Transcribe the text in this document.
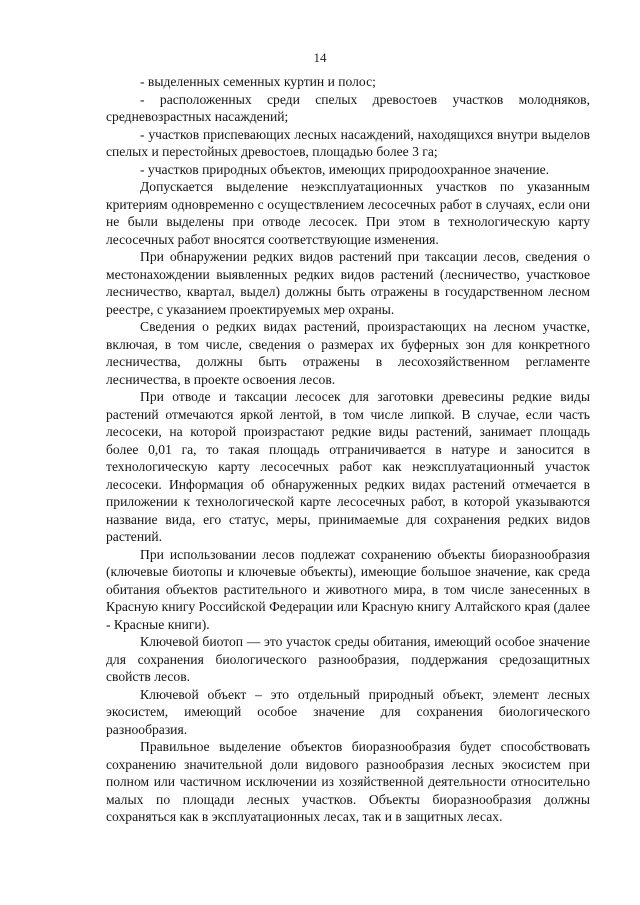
14

- выделенных семенных куртин и полос;

- расположенных среди спелых древостоев участков молодняков, средневозрастных насаждений;

- участков приспевающих лесных насаждений, находящихся внутри выделов спелых и перестойных древостоев, площадью более 3 га;

- участков природных объектов, имеющих природоохранное значение.

Допускается выделение неэксплуатационных участков по указанным критериям одновременно с осуществлением лесосечных работ в случаях, если они не были выделены при отводе лесосек. При этом в технологическую карту лесосечных работ вносятся соответствующие изменения.

При обнаружении редких видов растений при таксации лесов, сведения о местонахождении выявленных редких видов растений (лесничество, участковое лесничество, квартал, выдел) должны быть отражены в государственном лесном реестре, с указанием проектируемых мер охраны.

Сведения о редких видах растений, произрастающих на лесном участке, включая, в том числе, сведения о размерах их буферных зон для конкретного лесничества, должны быть отражены в лесохозяйственном регламенте лесничества, в проекте освоения лесов.

При отводе и таксации лесосек для заготовки древесины редкие виды растений отмечаются яркой лентой, в том числе липкой. В случае, если часть лесосеки, на которой произрастают редкие виды растений, занимает площадь более 0,01 га, то такая площадь отграничивается в натуре и заносится в технологическую карту лесосечных работ как неэксплуатационный участок лесосеки. Информация об обнаруженных редких видах растений отмечается в приложении к технологической карте лесосечных работ, в которой указываются название вида, его статус, меры, принимаемые для сохранения редких видов растений.

При использовании лесов подлежат сохранению объекты биоразнообразия (ключевые биотопы и ключевые объекты), имеющие большое значение, как среда обитания объектов растительного и животного мира, в том числе занесенных в Красную книгу Российской Федерации или Красную книгу Алтайского края (далее - Красные книги).

Ключевой биотоп — это участок среды обитания, имеющий особое значение для сохранения биологического разнообразия, поддержания средозащитных свойств лесов.

Ключевой объект – это отдельный природный объект, элемент лесных экосистем, имеющий особое значение для сохранения биологического разнообразия.

Правильное выделение объектов биоразнообразия будет способствовать сохранению значительной доли видового разнообразия лесных экосистем при полном или частичном исключении из хозяйственной деятельности относительно малых по площади лесных участков. Объекты биоразнообразия должны сохраняться как в эксплуатационных лесах, так и в защитных лесах.
